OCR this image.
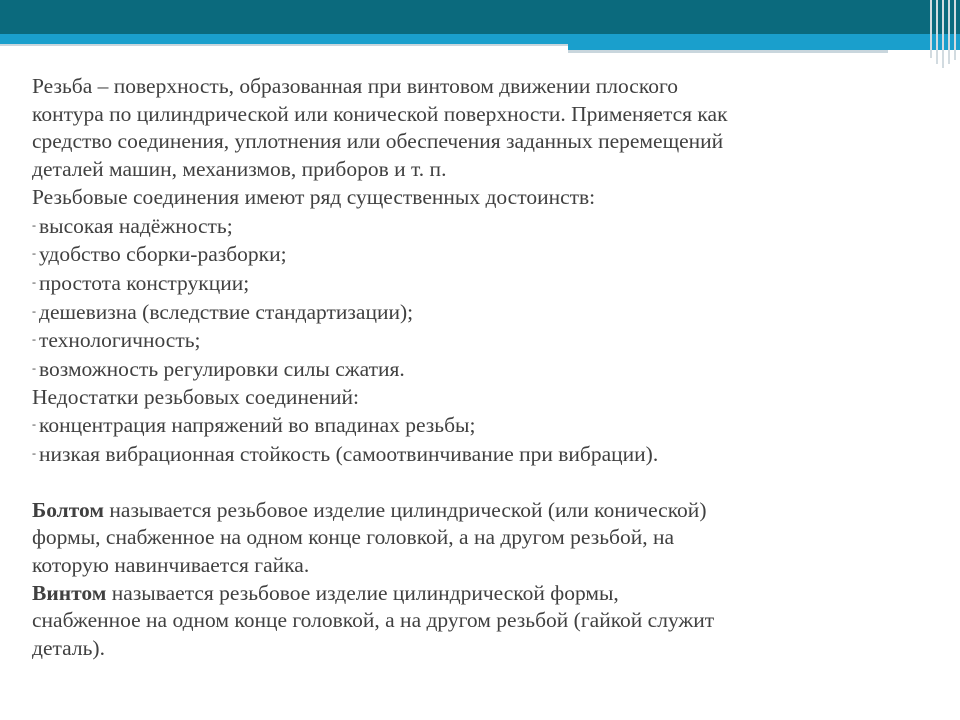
Резьба – поверхность, образованная при винтовом движении плоского

контура по цилиндрической или конической поверхности. Применяется как

средство соединения, уплотнения или обеспечения заданных перемещений

деталей машин, механизмов, приборов и т. п.

Резьбовые соединения имеют ряд существенных достоинств:

- высокая надёжность;

- удобство сборки-разборки;

- простота конструкции;

- дешевизна (вследствие стандартизации);

- технологичность;

- возможность регулировки силы сжатия.

Недостатки резьбовых соединений:

- концентрация напряжений во впадинах резьбы;

- низкая вибрационная стойкость (самоотвинчивание при вибрации).

Болтом называется резьбовое изделие цилиндрической (или конической)

формы, снабженное на одном конце головкой, а на другом резьбой, на

которую навинчивается гайка.

Винтом называется резьбовое изделие цилиндрической формы,

снабженное на одном конце головкой, а на другом резьбой (гайкой служит

деталь).
